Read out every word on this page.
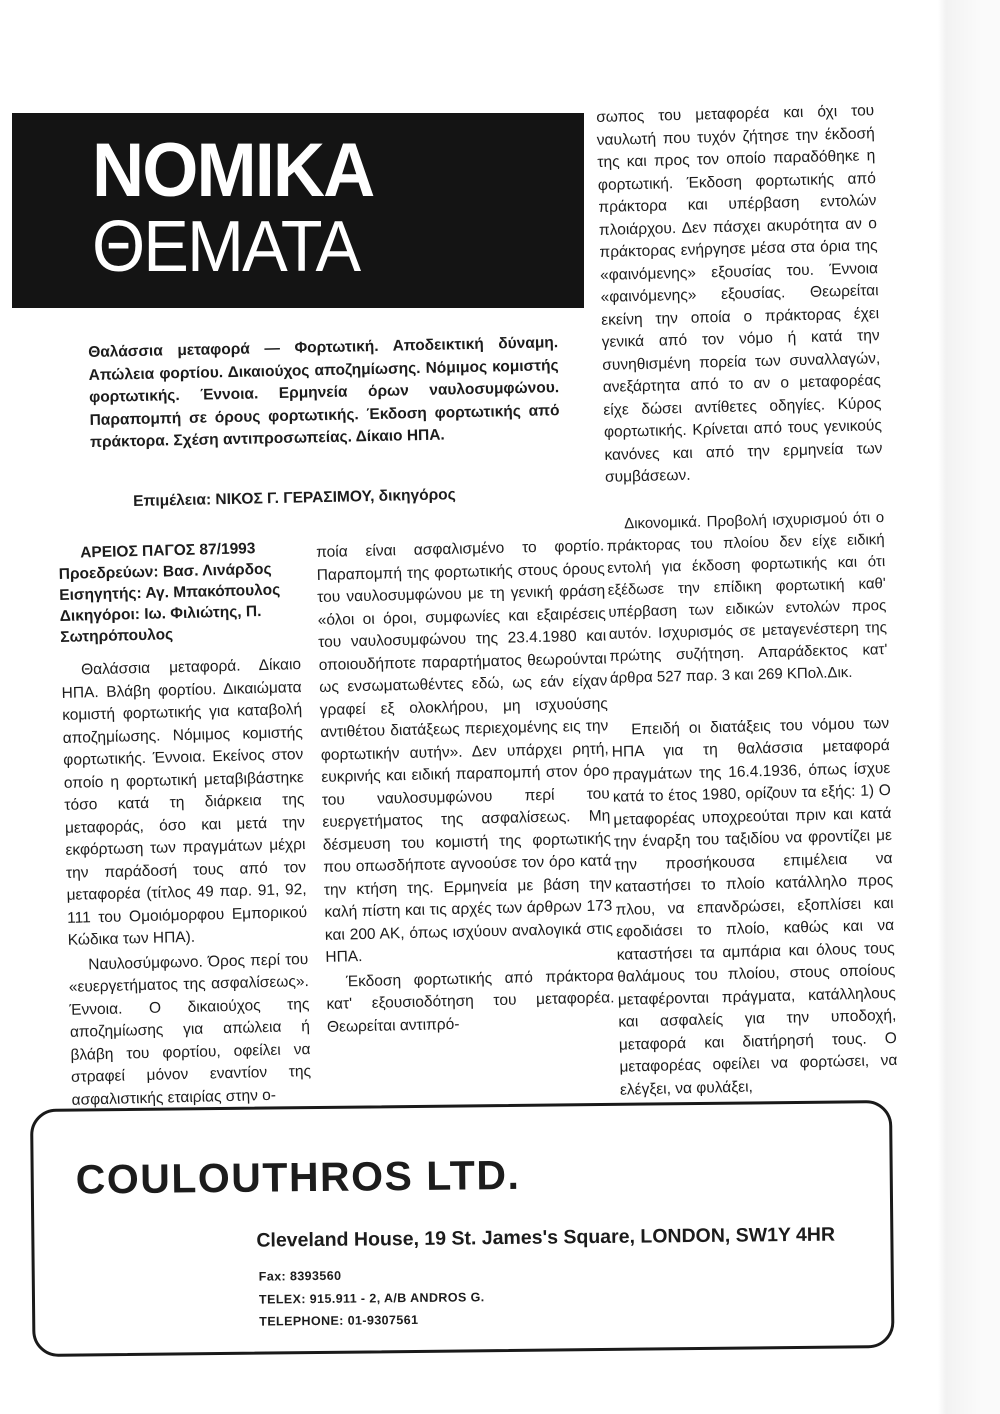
ΝΟΜΙΚΑ
ΘΕΜΑΤΑ
Θαλάσσια μεταφορά — Φορτωτική. Αποδεικτική δύναμη. Απώλεια φορτίου. Δικαιούχος αποζημίωσης. Νόμιμος κομιστής φορτωτικής. Έννοια. Ερμηνεία όρων ναυλοσυμφώνου. Παραπομπή σε όρους φορτωτικής. Έκδοση φορτωτικής από πράκτορα. Σχέση αντιπροσωπείας. Δίκαιο ΗΠΑ.
Επιμέλεια: ΝΙΚΟΣ Γ. ΓΕΡΑΣΙΜΟΥ, δικηγόρος
ΑΡΕΙΟΣ ΠΑΓΟΣ 87/1993
Προεδρεύων: Βασ. Λινάρδος
Εισηγητής: Αγ. Μπακόπουλος
Δικηγόροι: Ιω. Φιλιώτης, Π.
Σωτηρόπουλος

Θαλάσσια μεταφορά. Δίκαιο ΗΠΑ. Βλάβη φορτίου. Δικαιώματα κομιστή φορτωτικής για καταβολή αποζημίωσης. Νόμιμος κομιστής φορτωτικής. Έννοια. Εκείνος στον οποίο η φορτωτική μεταβιβάστηκε τόσο κατά τη διάρκεια της μεταφοράς, όσο και μετά την εκφόρτωση των πραγμάτων μέχρι την παράδοσή τους από τον μεταφορέα (τίτλος 49 παρ. 91, 92, 111 του Ομοιόμορφου Εμπορικού Κώδικα των ΗΠΑ).

Ναυλοσύμφωνο. Όρος περί του «ευεργετήματος της ασφαλίσεως». Έννοια. Ο δικαιούχος της αποζημίωσης για απώλεια ή βλάβη του φορτίου, οφείλει να στραφεί μόνον εναντίον της ασφαλιστικής εταιρίας στην ο-

ποία είναι ασφαλισμένο το φορτίο. Παραπομπή της φορτωτικής στους όρους του ναυλοσυμφώνου με τη γενική φράση «όλοι οι όροι, συμφωνίες και εξαιρέσεις του ναυλοσυμφώνου της 23.4.1980 και οποιουδήποτε παραρτήματος θεωρούνται ως ενσωματωθέντες εδώ, ως εάν είχαν γραφεί εξ ολοκλήρου, μη ισχυούσης αντιθέτου διατάξεως περιεχομένης εις την φορτωτικήν αυτήν». Δεν υπάρχει ρητή, ευκρινής και ειδική παραπομπή στον όρο του ναυλοσυμφώνου περί του ευεργετήματος της ασφαλίσεως. Μη δέσμευση του κομιστή της φορτωτικής που οπωσδήποτε αγνοούσε τον όρο κατά την κτήση της. Ερμηνεία με βάση την καλή πίστη και τις αρχές των άρθρων 173 και 200 ΑΚ, όπως ισχύουν αναλογικά στις ΗΠΑ.

Έκδοση φορτωτικής από πράκτορα κατ' εξουσιοδότηση του μεταφορέα. Θεωρείται αντιπρό-

σωπος του μεταφορέα και όχι του ναυλωτή που τυχόν ζήτησε την έκδοσή της και προς τον οποίο παραδόθηκε η φορτωτική. Έκδοση φορτωτικής από πράκτορα και υπέρβαση εντολών πλοιάρχου. Δεν πάσχει ακυρότητα αν ο πράκτορας ενήργησε μέσα στα όρια της «φαινόμενης» εξουσίας του. Έννοια «φαινόμενης» εξουσίας. Θεωρείται εκείνη την οποία ο πράκτορας έχει γενικά από τον νόμο ή κατά την συνηθισμένη πορεία των συναλλαγών, ανεξάρτητα από το αν ο μεταφορέας είχε δώσει αντίθετες οδηγίες. Κύρος φορτωτικής. Κρίνεται από τους γενικούς κανόνες και από την ερμηνεία των συμβάσεων.

Δικονομικά. Προβολή ισχυρισμού ότι ο πράκτορας του πλοίου δεν είχε ειδική εντολή για έκδοση φορτωτικής και ότι εξέδωσε την επίδικη φορτωτική καθ' υπέρβαση των ειδικών εντολών προς αυτόν. Ισχυρισμός σε μεταγενέστερη της πρώτης συζήτηση. Απαράδεκτος κατ' άρθρα 527 παρ. 3 και 269 ΚΠολ.Δικ.

Επειδή οι διατάξεις του νόμου των ΗΠΑ για τη θαλάσσια μεταφορά πραγμάτων της 16.4.1936, όπως ίσχυε κατά το έτος 1980, ορίζουν τα εξής: 1) Ο μεταφορέας υποχρεούται πριν και κατά την έναρξη του ταξιδίου να φροντίζει με την προσήκουσα επιμέλεια να καταστήσει το πλοίο κατάλληλο προς πλου, να επανδρώσει, εξοπλίσει και εφοδιάσει το πλοίο, καθώς και να καταστήσει τα αμπάρια και όλους τους θαλάμους του πλοίου, στους οποίους μεταφέρονται πράγματα, κατάλληλους και ασφαλείς για την υποδοχή, μεταφορά και διατήρησή τους. Ο μεταφορέας οφείλει να φορτώσει, να ελέγξει, να φυλάξει,

COULOUTHROS LTD.
Cleveland House, 19 St. James's Square, LONDON, SW1Y 4HR
Fax: 8393560
TELEX: 915.911 - 2, A/B ANDROS G.
TELEPHONE: 01-9307561
